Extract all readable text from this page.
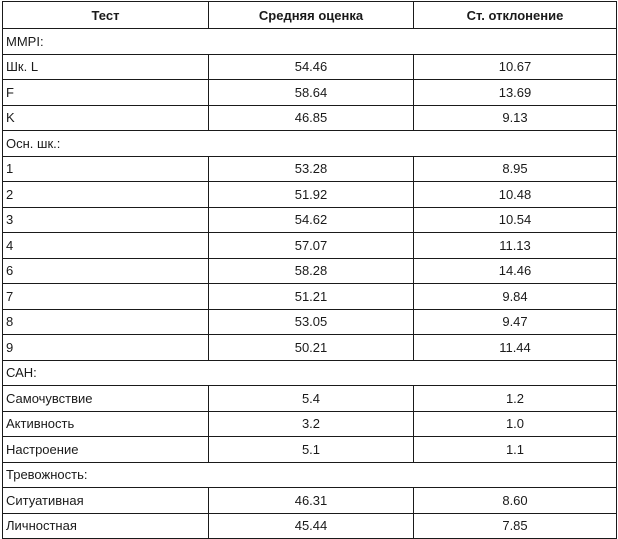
Тест	Средняя оценка	Ст. отклонение
MMPI:		
Шк. L	54.46	10.67
F	58.64	13.69
K	46.85	9.13
Осн. шк.:		
1	53.28	8.95
2	51.92	10.48
3	54.62	10.54
4	57.07	11.13
6	58.28	14.46
7	51.21	9.84
8	53.05	9.47
9	50.21	11.44
САН:		
Самочувствие	5.4	1.2
Активность	3.2	1.0
Настроение	5.1	1.1
Тревожность:		
Ситуативная	46.31	8.60
Личностная	45.44	7.85
